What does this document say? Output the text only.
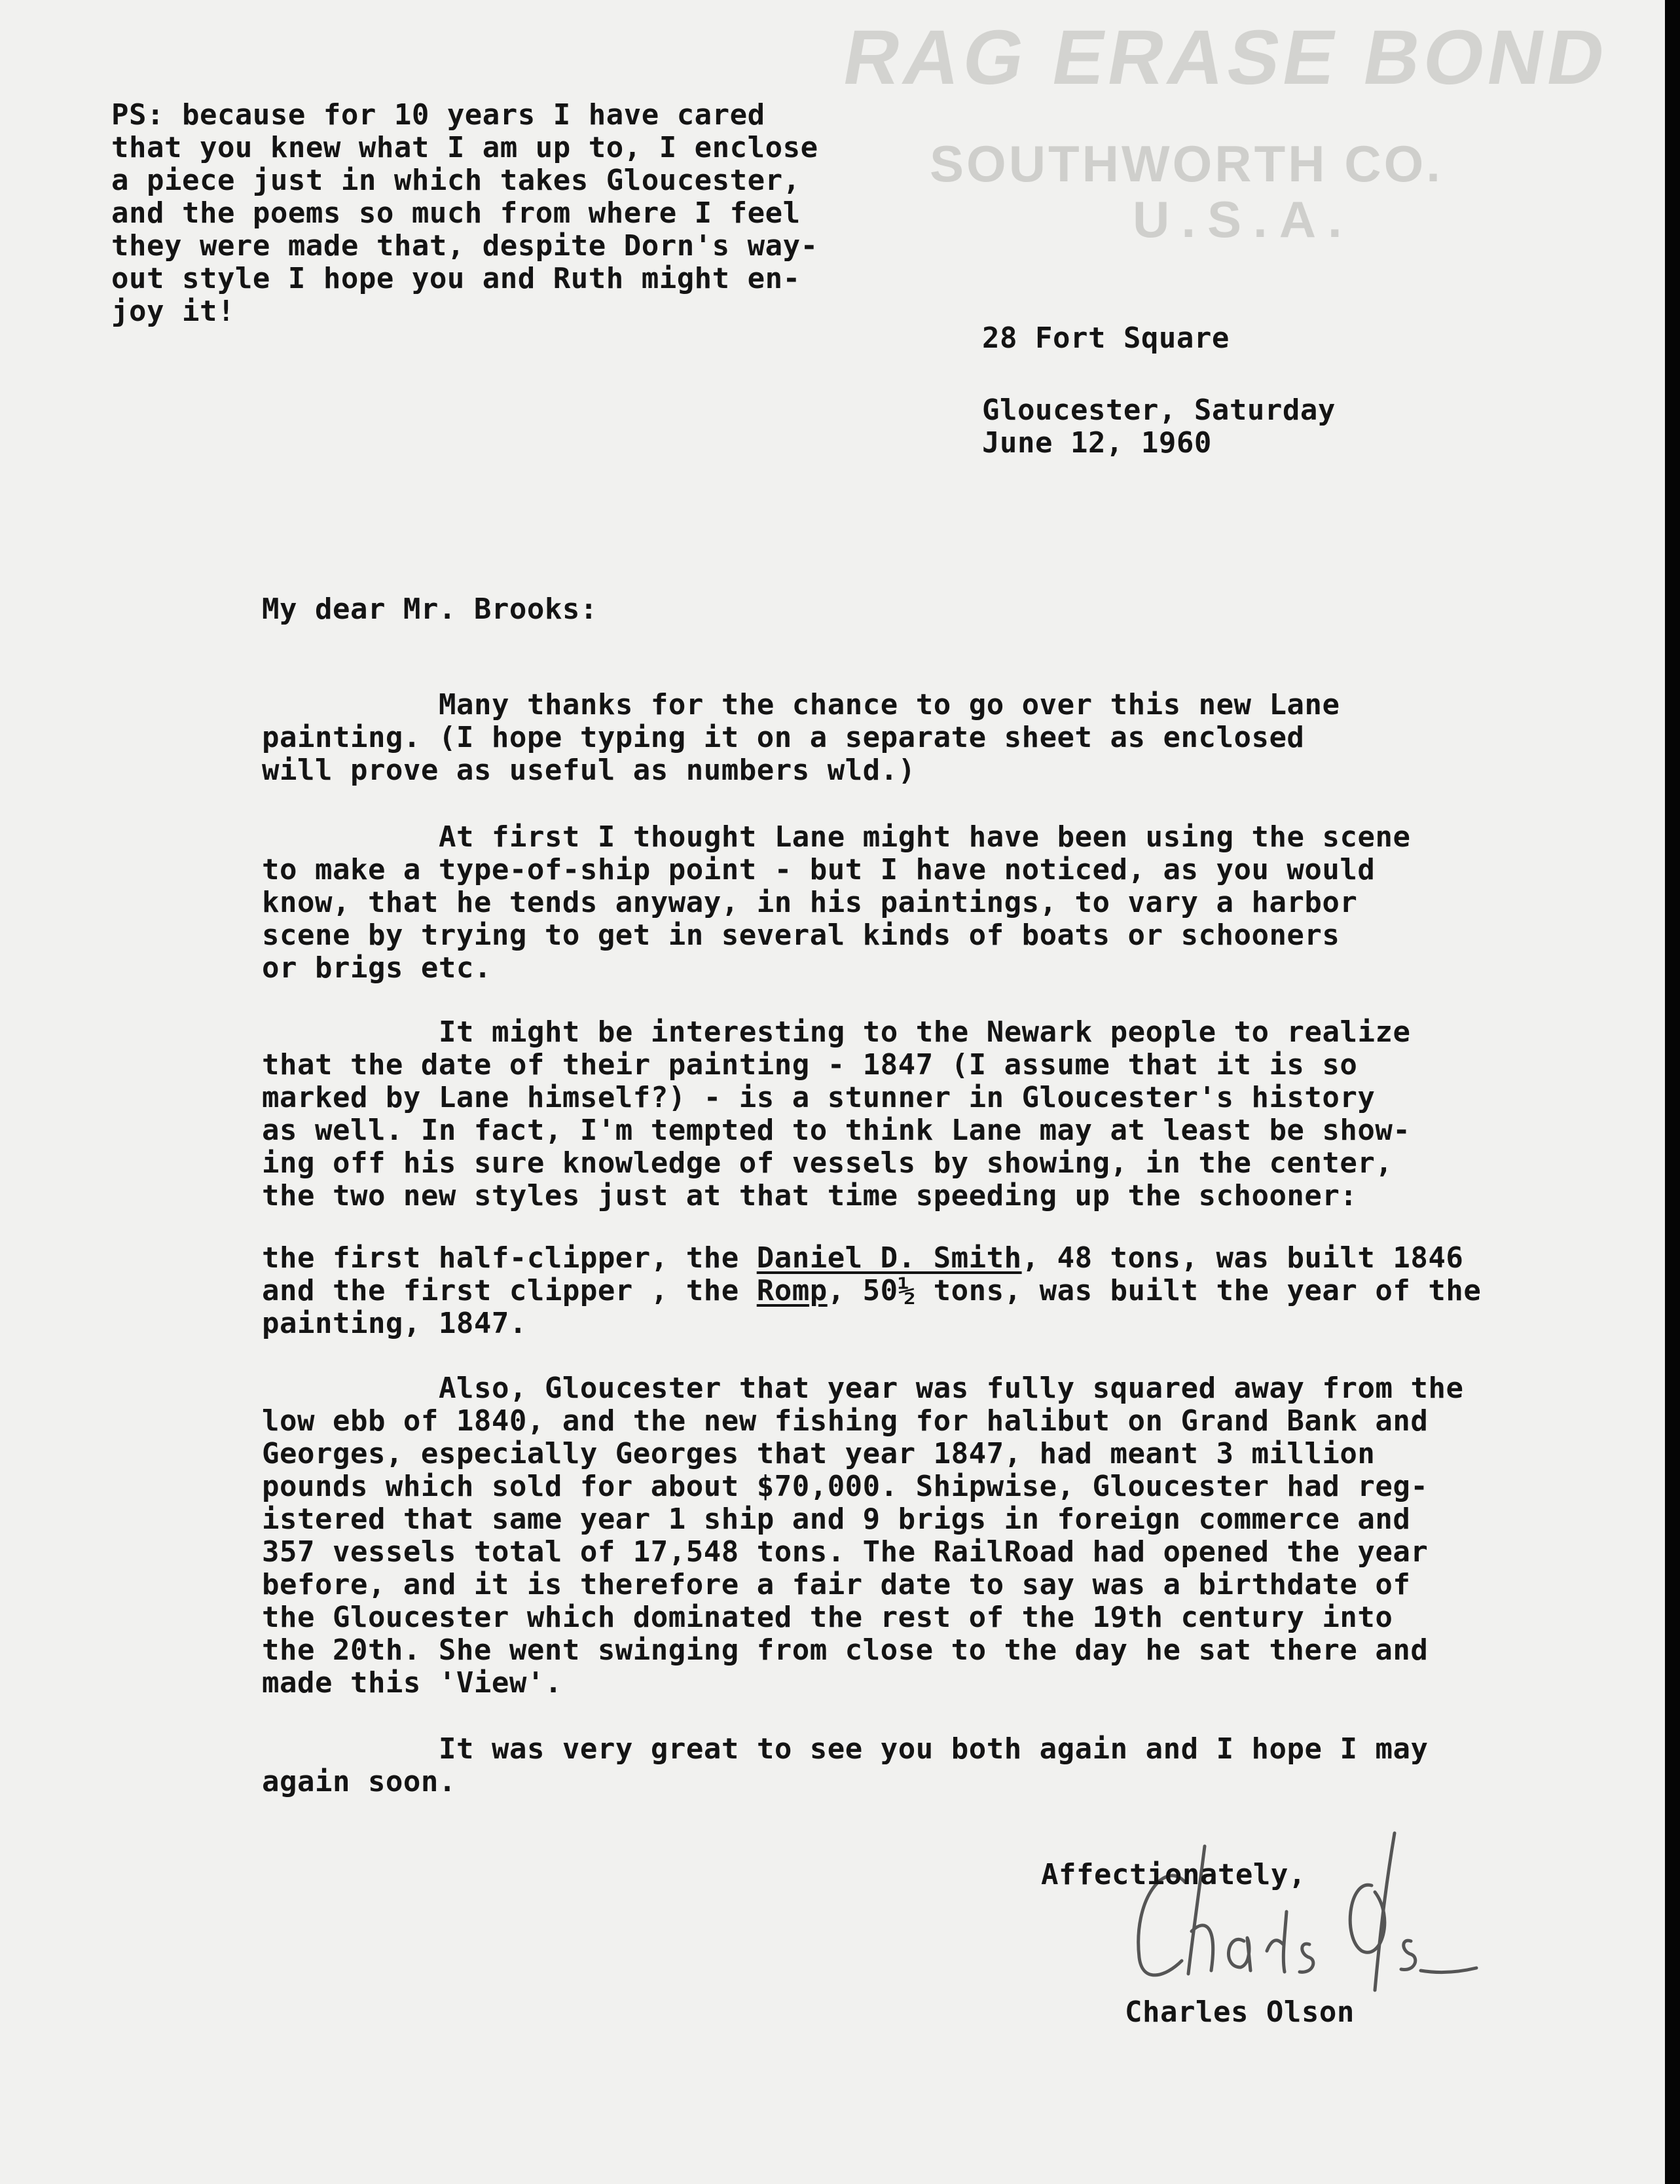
RAG ERASE BOND
SOUTHWORTH CO.
U.S.A.
PS: because for 10 years I have cared
that you knew what I am up to, I enclose
a piece just in which takes Gloucester,
and the poems so much from where I feel
they were made that, despite Dorn's way-
out style I hope you and Ruth might en-
joy it!
28 Fort Square
Gloucester, Saturday
June 12, 1960
My dear Mr. Brooks:
Many thanks for the chance to go over this new Lane
painting. (I hope typing it on a separate sheet as enclosed
will prove as useful as numbers wld.)
At first I thought Lane might have been using the scene
to make a type-of-ship point - but I have noticed, as you would
know, that he tends anyway, in his paintings, to vary a harbor
scene by trying to get in several kinds of boats or schooners
or brigs etc.
It might be interesting to the Newark people to realize
that the date of their painting - 1847 (I assume that it is so
marked by Lane himself?) - is a stunner in Gloucester's history
as well. In fact, I'm tempted to think Lane may at least be show-
ing off his sure knowledge of vessels by showing, in the center,
the two new styles just at that time speeding up the schooner:
the first half-clipper, the Daniel D. Smith, 48 tons, was built 1846
and the first clipper , the Romp, 50½ tons, was built the year of the
painting, 1847.
Also, Gloucester that year was fully squared away from the
low ebb of 1840, and the new fishing for halibut on Grand Bank and
Georges, especially Georges that year 1847, had meant 3 million
pounds which sold for about $70,000. Shipwise, Gloucester had reg-
istered that same year 1 ship and 9 brigs in foreign commerce and
357 vessels total of 17,548 tons. The RailRoad had opened the year
before, and it is therefore a fair date to say was a birthdate of
the Gloucester which dominated the rest of the 19th century into
the 20th. She went swinging from close to the day he sat there and
made this 'View'.
It was very great to see you both again and I hope I may
again soon.
Affectionately,
Charles Olson
